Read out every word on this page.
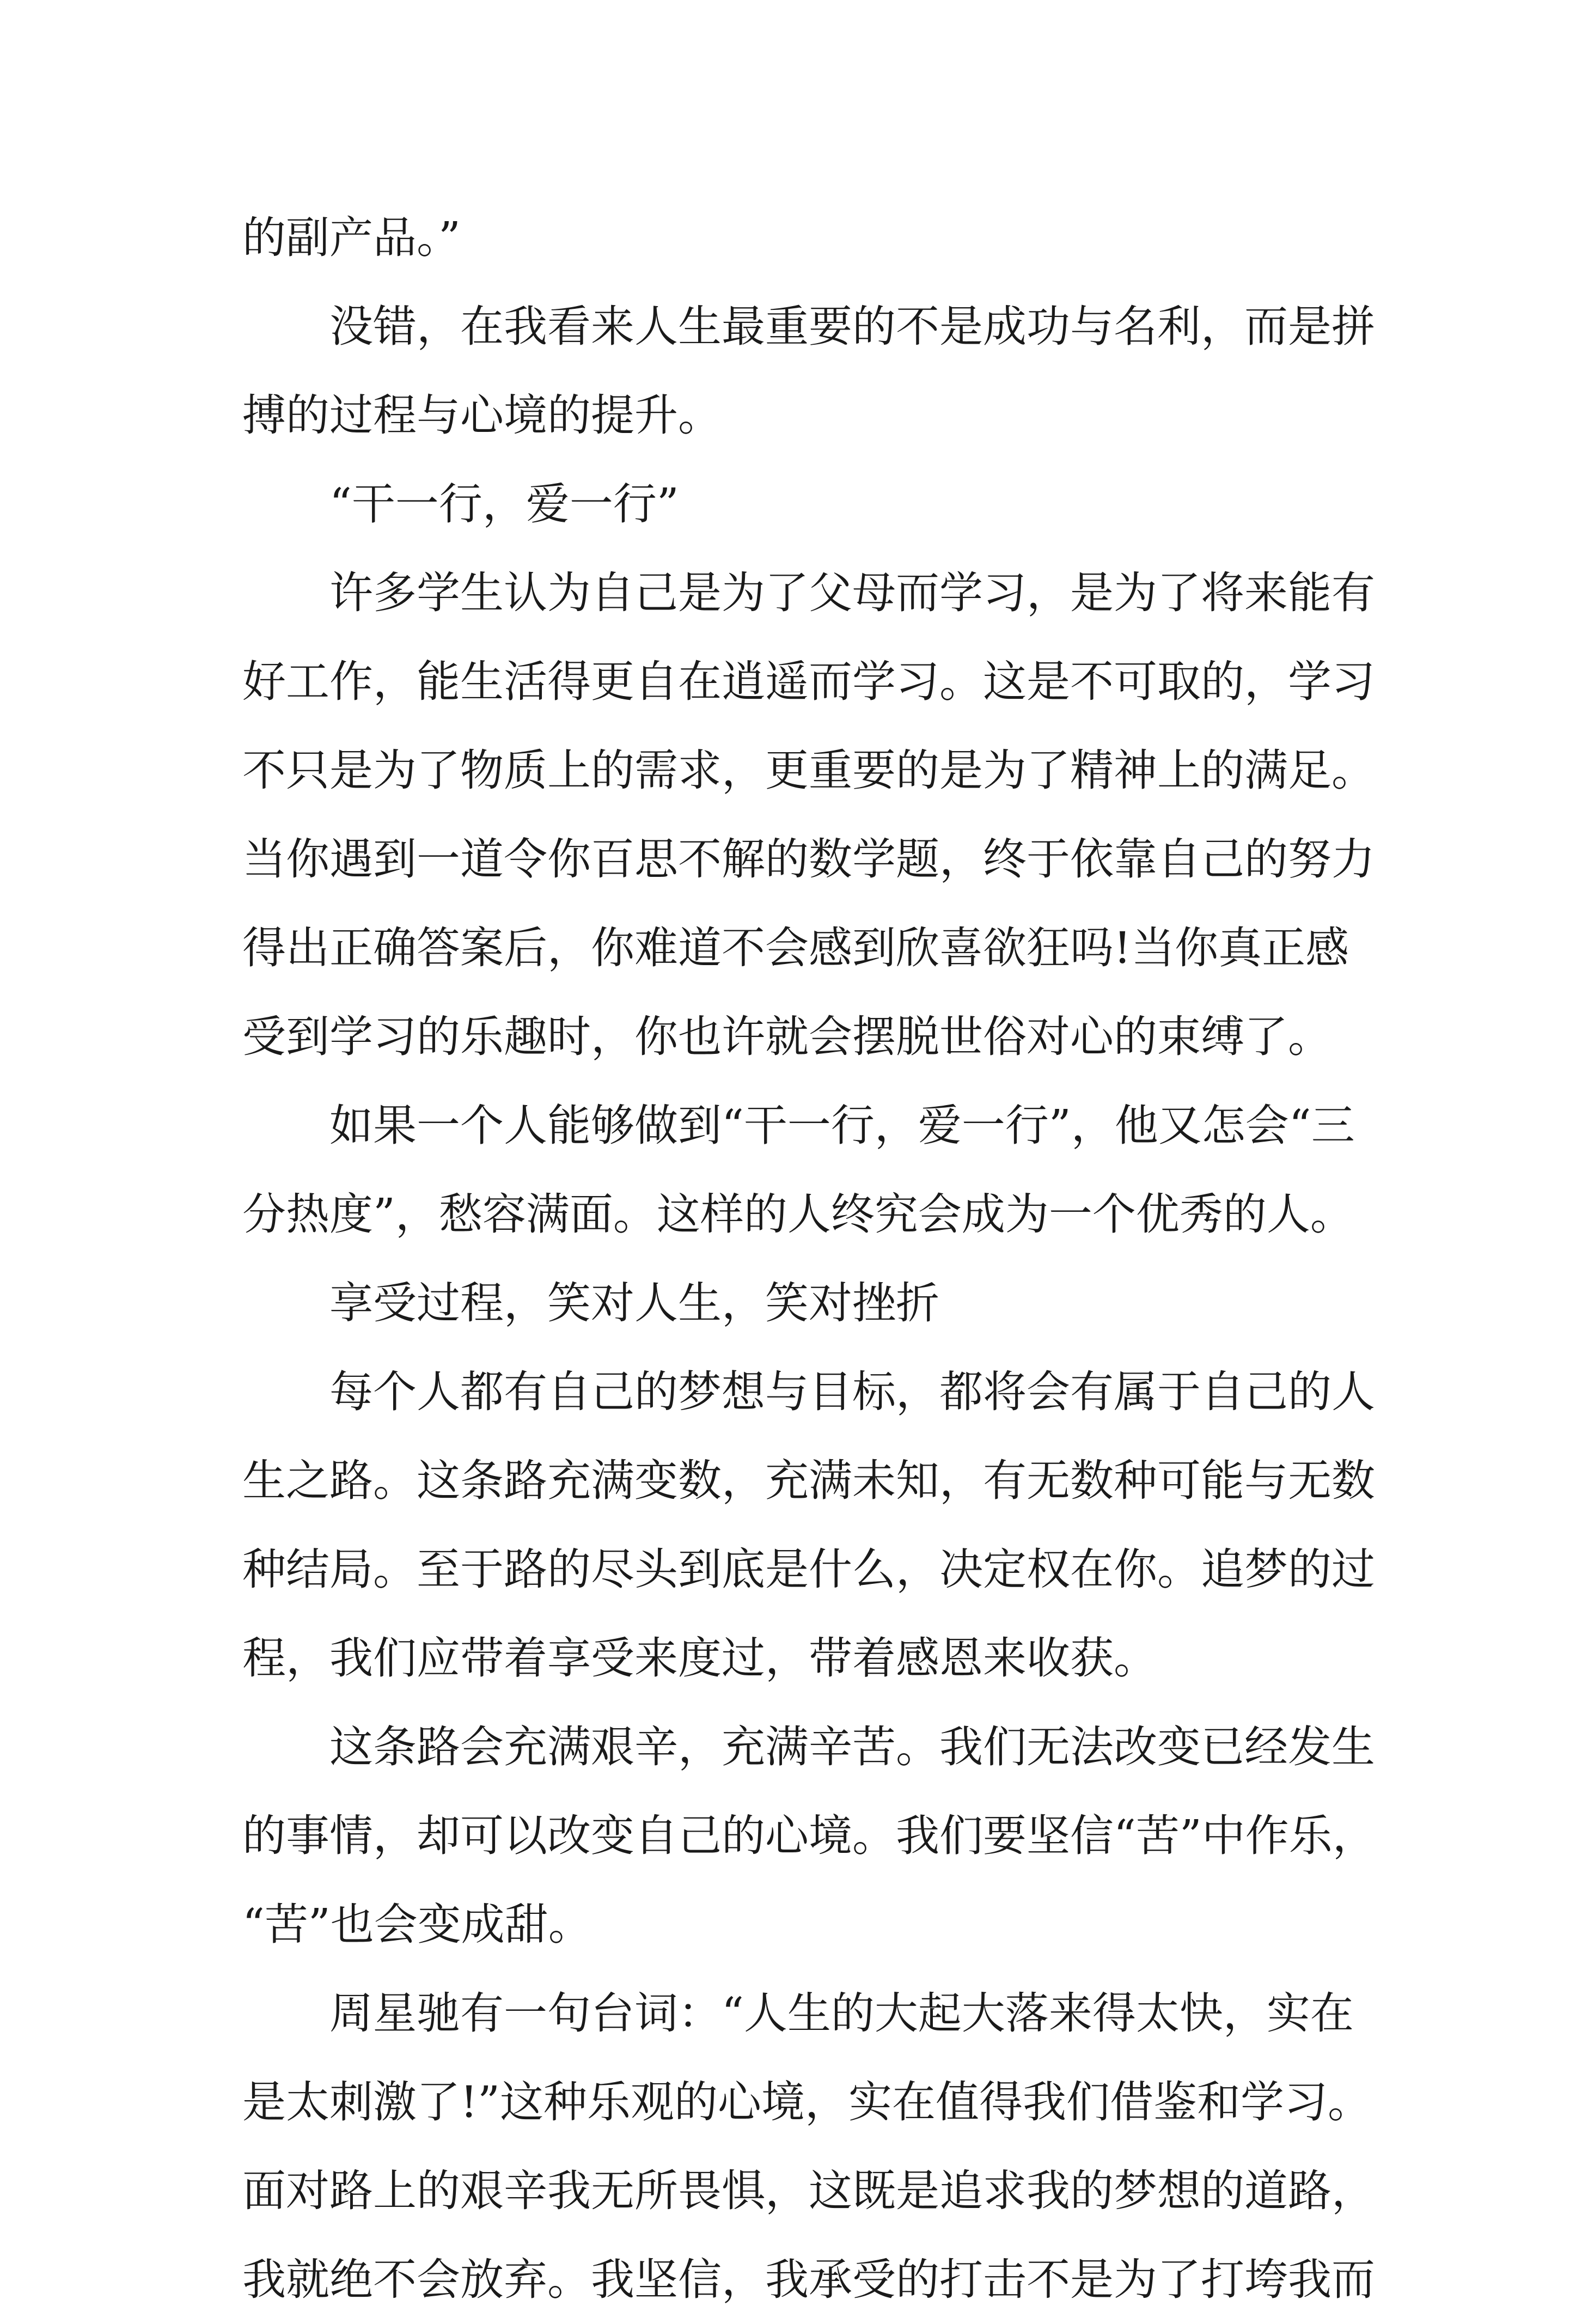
的副产品。”
　　没错，在我看来人生最重要的不是成功与名利，而是拼
搏的过程与心境的提升。
　　“干一行，爱一行”
　　许多学生认为自己是为了父母而学习，是为了将来能有
好工作，能生活得更自在逍遥而学习。这是不可取的，学习
不只是为了物质上的需求，更重要的是为了精神上的满足。
当你遇到一道令你百思不解的数学题，终于依靠自己的努力
得出正确答案后，你难道不会感到欣喜欲狂吗!当你真正感
受到学习的乐趣时，你也许就会摆脱世俗对心的束缚了。
　　如果一个人能够做到“干一行，爱一行”，他又怎会“三
分热度”，愁容满面。这样的人终究会成为一个优秀的人。
　　享受过程，笑对人生，笑对挫折
　　每个人都有自己的梦想与目标，都将会有属于自己的人
生之路。这条路充满变数，充满未知，有无数种可能与无数
种结局。至于路的尽头到底是什么，决定权在你。追梦的过
程，我们应带着享受来度过，带着感恩来收获。
　　这条路会充满艰辛，充满辛苦。我们无法改变已经发生
的事情，却可以改变自己的心境。我们要坚信“苦”中作乐，
“苦”也会变成甜。
　　周星驰有一句台词：“人生的大起大落来得太快，实在
是太刺激了!”这种乐观的心境，实在值得我们借鉴和学习。
面对路上的艰辛我无所畏惧，这既是追求我的梦想的道路，
我就绝不会放弃。我坚信，我承受的打击不是为了打垮我而
